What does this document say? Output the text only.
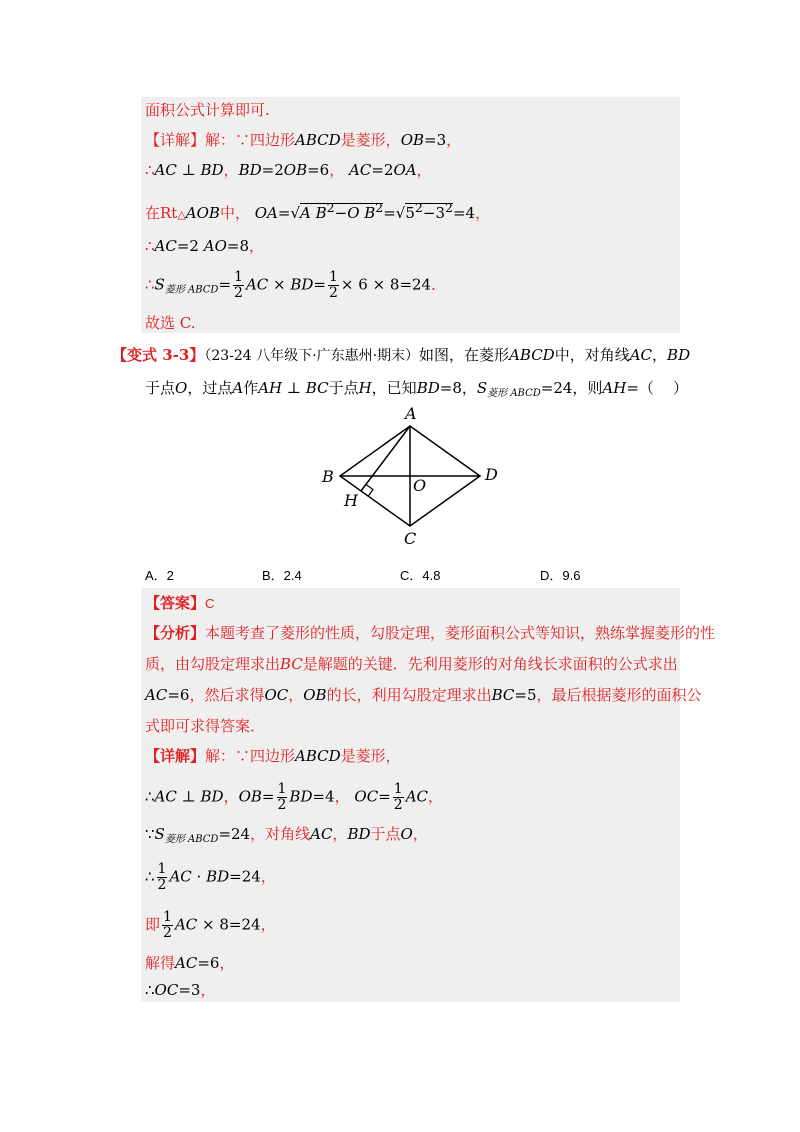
面积公式计算即可.
【详解】解：∵四边形ABCD是菱形，OB=3，
∴AC ⊥ BD，BD=2OB=6， AC=2OA，
在Rt△AOB中， OA=√A $B^2-O$ $B^2=√5^2-3^2=4$，
∴AC=2 AO=8，
$\therefore S_{菱形 ABCD}= \frac{1}{2}$ AC × $BD= \frac{1}{2} \times 6 \times 8=24$．
故选 C.
【变式 3-3】（23-24 八年级下·广东惠州·期末）如图，在菱形ABCD中，对角线AC，BD
于点O，过点A作AH ⊥ BC于点H，已知BD=8，$S_{菱形 ABCD}=24$，则AH=（    ）
A
B
C
D
O
H
A．2	B．2.4	C．4.8	D．9.6
【答案】C
【分析】本题考查了菱形的性质，勾股定理，菱形面积公式等知识，熟练掌握菱形的性
质，由勾股定理求出BC是解题的关键．先利用菱形的对角线长求面积的公式求出
AC=6，然后求得OC，OB的长，利用勾股定理求出BC=5，最后根据菱形的面积公
式即可求得答案．
【详解】解：∵四边形ABCD是菱形，
∴AC ⊥ BD，$OB= \frac{1}{2} BD=4$， $OC= \frac{1}{2}$ AC，
$\because S_{菱形 ABCD}=24$，对角线AC，BD于点O，
∴ $\frac{1}{2}$ AC · BD=24，
即 $\frac{1}{2}$ AC × 8=24，
解得AC=6，
∴OC=3，
